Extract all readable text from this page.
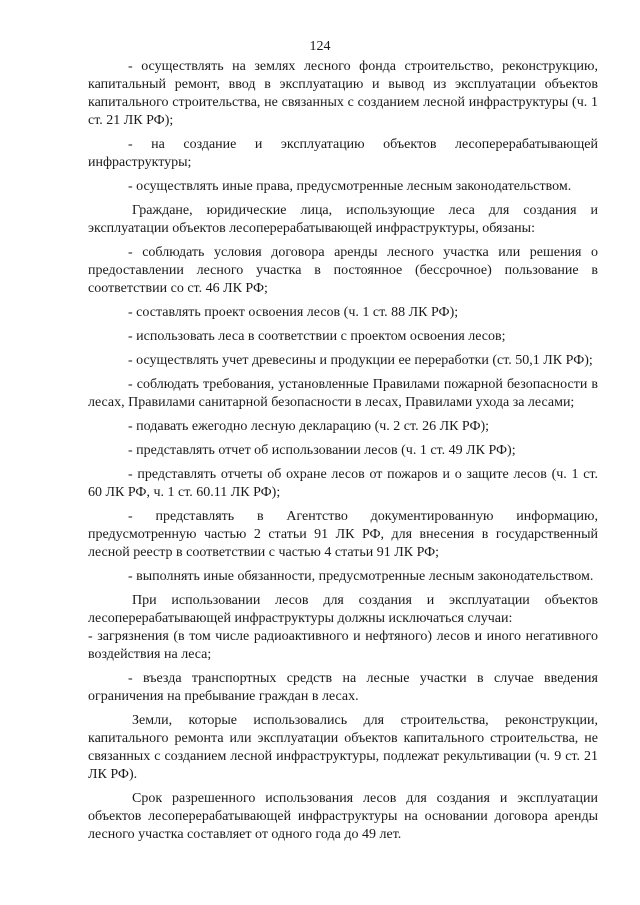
124

- осуществлять на землях лесного фонда строительство, реконструкцию, капитальный ремонт, ввод в эксплуатацию и вывод из эксплуатации объектов капитального строительства, не связанных с созданием лесной инфраструктуры (ч. 1 ст. 21 ЛК РФ);

- на создание и эксплуатацию объектов лесоперерабатывающей инфраструктуры;

- осуществлять иные права, предусмотренные лесным законодательством.

Граждане, юридические лица, использующие леса для создания и эксплуатации объектов лесоперерабатывающей инфраструктуры, обязаны:

- соблюдать условия договора аренды лесного участка или решения о предоставлении лесного участка в постоянное (бессрочное) пользование в соответствии со ст. 46 ЛК РФ;

- составлять проект освоения лесов (ч. 1 ст. 88 ЛК РФ);

- использовать леса в соответствии с проектом освоения лесов;

- осуществлять учет древесины и продукции ее переработки (ст. 50,1 ЛК РФ);

- соблюдать требования, установленные Правилами пожарной безопасности в лесах, Правилами санитарной безопасности в лесах, Правилами ухода за лесами;

- подавать ежегодно лесную декларацию (ч. 2 ст. 26 ЛК РФ);

- представлять отчет об использовании лесов (ч. 1 ст. 49 ЛК РФ);

- представлять отчеты об охране лесов от пожаров и о защите лесов (ч. 1 ст. 60 ЛК РФ, ч. 1 ст. 60.11 ЛК РФ);

- представлять в Агентство документированную информацию, предусмотренную частью 2 статьи 91 ЛК РФ, для внесения в государственный лесной реестр в соответствии с частью 4 статьи 91 ЛК РФ;

- выполнять иные обязанности, предусмотренные лесным законодательством.

При использовании лесов для создания и эксплуатации объектов лесоперерабатывающей инфраструктуры должны исключаться случаи:

- загрязнения (в том числе радиоактивного и нефтяного) лесов и иного негативного воздействия на леса;

- въезда транспортных средств на лесные участки в случае введения ограничения на пребывание граждан в лесах.

Земли, которые использовались для строительства, реконструкции, капитального ремонта или эксплуатации объектов капитального строительства, не связанных с созданием лесной инфраструктуры, подлежат рекультивации (ч. 9 ст. 21 ЛК РФ).

Срок разрешенного использования лесов для создания и эксплуатации объектов лесоперерабатывающей инфраструктуры на основании договора аренды лесного участка составляет от одного года до 49 лет.
